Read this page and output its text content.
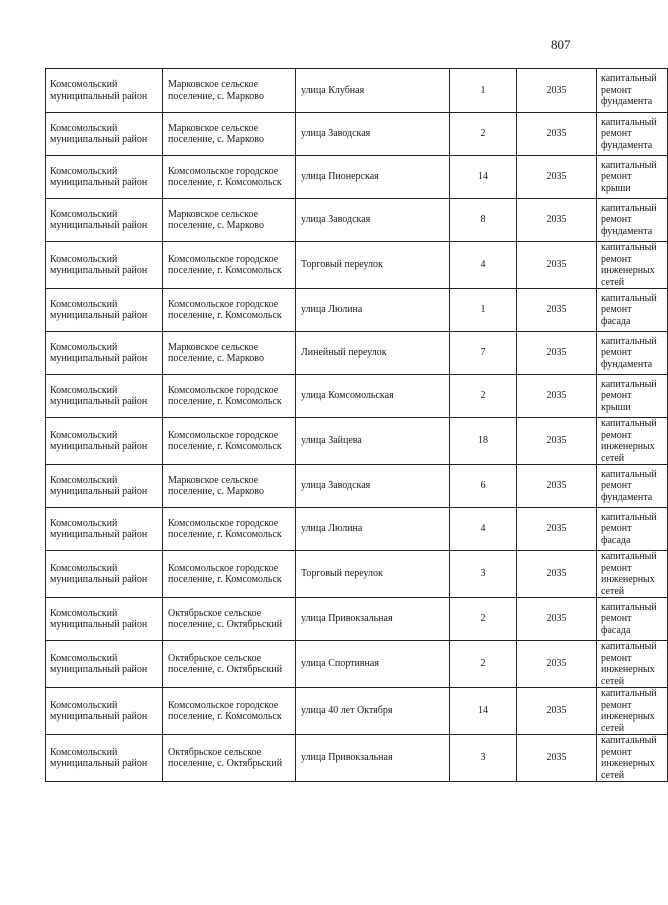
807
Комсомольский муниципальный район	Марковское сельское поселение, с. Марково	улица Клубная	1	2035	капитальный ремонт фундамента
Комсомольский муниципальный район	Марковское сельское поселение, с. Марково	улица Заводская	2	2035	капитальный ремонт фундамента
Комсомольский муниципальный район	Комсомольское городское поселение, г. Комсомольск	улица Пионерская	14	2035	капитальный ремонт крыши
Комсомольский муниципальный район	Марковское сельское поселение, с. Марково	улица Заводская	8	2035	капитальный ремонт фундамента
Комсомольский муниципальный район	Комсомольское городское поселение, г. Комсомольск	Торговый переулок	4	2035	капитальный ремонт инженерных сетей
Комсомольский муниципальный район	Комсомольское городское поселение, г. Комсомольск	улица Люлина	1	2035	капитальный ремонт фасада
Комсомольский муниципальный район	Марковское сельское поселение, с. Марково	Линейный переулок	7	2035	капитальный ремонт фундамента
Комсомольский муниципальный район	Комсомольское городское поселение, г. Комсомольск	улица Комсомольская	2	2035	капитальный ремонт крыши
Комсомольский муниципальный район	Комсомольское городское поселение, г. Комсомольск	улица Зайцева	18	2035	капитальный ремонт инженерных сетей
Комсомольский муниципальный район	Марковское сельское поселение, с. Марково	улица Заводская	6	2035	капитальный ремонт фундамента
Комсомольский муниципальный район	Комсомольское городское поселение, г. Комсомольск	улица Люлина	4	2035	капитальный ремонт фасада
Комсомольский муниципальный район	Комсомольское городское поселение, г. Комсомольск	Торговый переулок	3	2035	капитальный ремонт инженерных сетей
Комсомольский муниципальный район	Октябрьское сельское поселение, с. Октябрьский	улица Привокзальная	2	2035	капитальный ремонт фасада
Комсомольский муниципальный район	Октябрьское сельское поселение, с. Октябрьский	улица Спортивная	2	2035	капитальный ремонт инженерных сетей
Комсомольский муниципальный район	Комсомольское городское поселение, г. Комсомольск	улица 40 лет Октября	14	2035	капитальный ремонт инженерных сетей
Комсомольский муниципальный район	Октябрьское сельское поселение, с. Октябрьский	улица Привокзальная	3	2035	капитальный ремонт инженерных сетей
